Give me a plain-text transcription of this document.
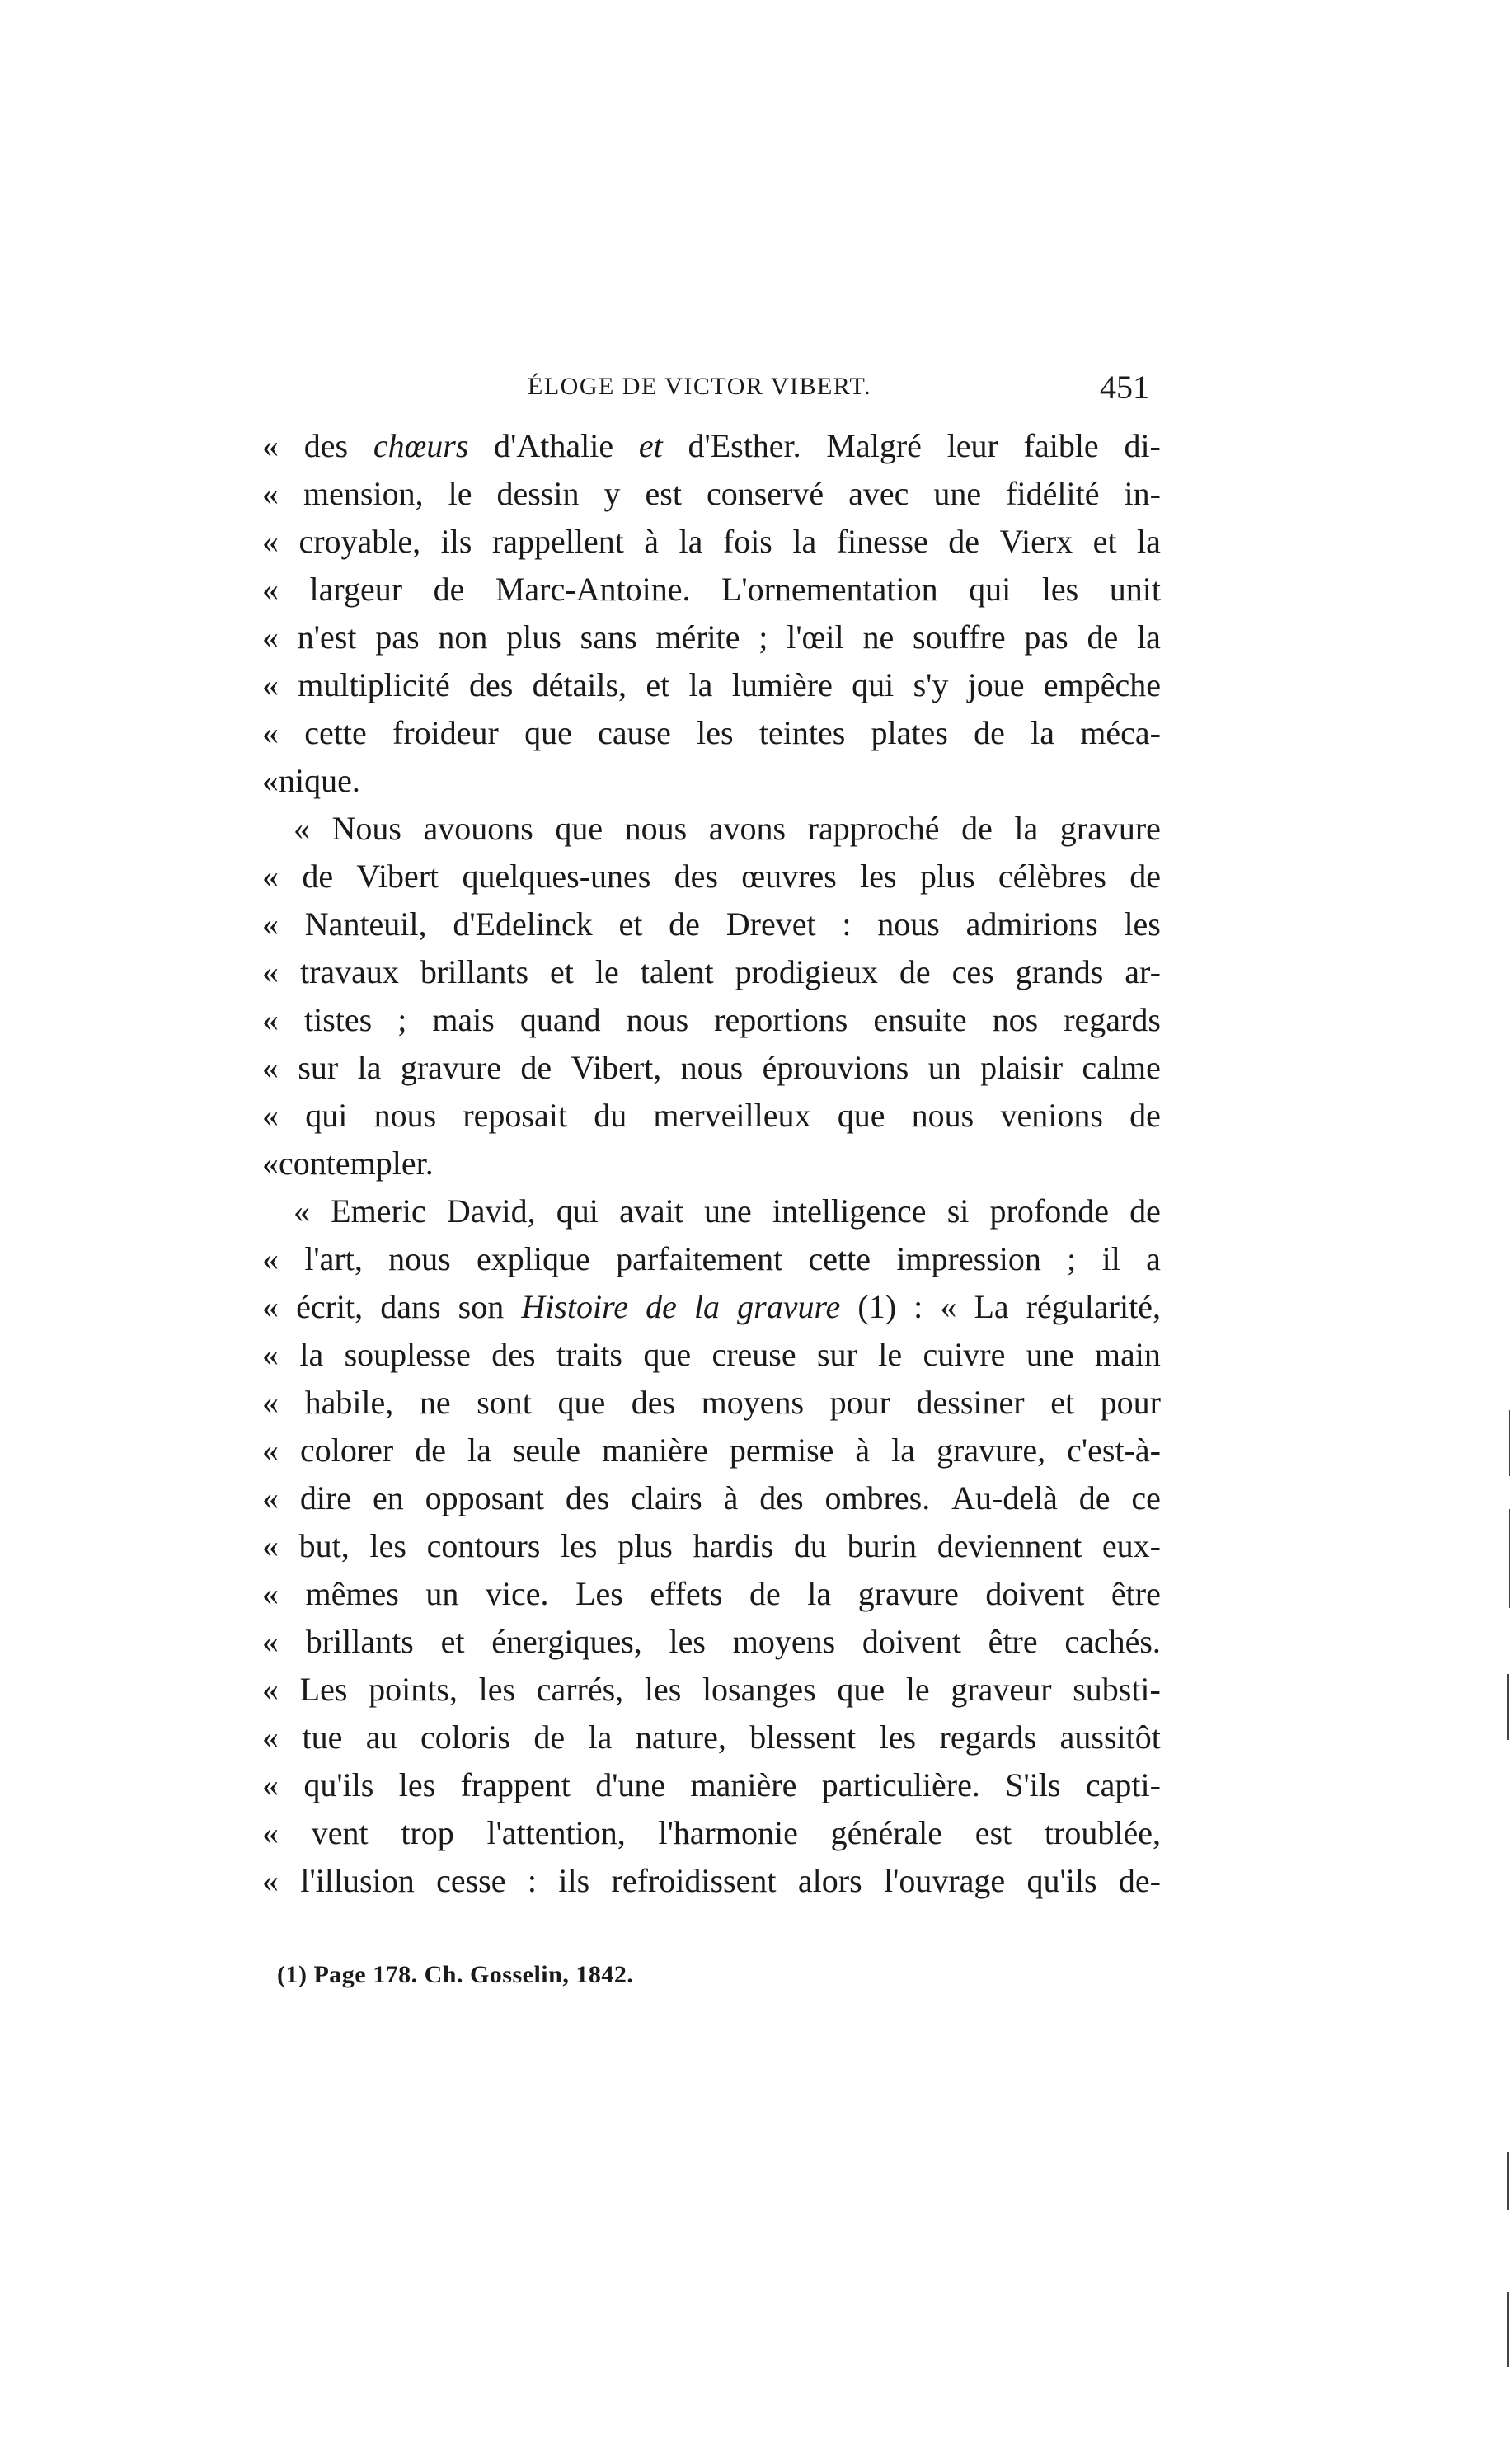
ÉLOGE DE VICTOR VIBERT.	451
« des chœurs d'Athalie et d'Esther. Malgré leur faible di-
« mension, le dessin y est conservé avec une fidélité in-
« croyable, ils rappellent à la fois la finesse de Vierx et la
« largeur de Marc-Antoine. L'ornementation qui les unit
« n'est pas non plus sans mérite ; l'œil ne souffre pas de la
« multiplicité des détails, et la lumière qui s'y joue empêche
« cette froideur que cause les teintes plates de la méca-
« nique.
« Nous avouons que nous avons rapproché de la gravure
« de Vibert quelques-unes des œuvres les plus célèbres de
« Nanteuil, d'Edelinck et de Drevet : nous admirions les
« travaux brillants et le talent prodigieux de ces grands ar-
« tistes ; mais quand nous reportions ensuite nos regards
« sur la gravure de Vibert, nous éprouvions un plaisir calme
« qui nous reposait du merveilleux que nous venions de
« contempler.
« Emeric David, qui avait une intelligence si profonde de
« l'art, nous explique parfaitement cette impression ; il a
« écrit, dans son Histoire de la gravure (1) : « La régularité,
« la souplesse des traits que creuse sur le cuivre une main
« habile, ne sont que des moyens pour dessiner et pour
« colorer de la seule manière permise à la gravure, c'est-à-
« dire en opposant des clairs à des ombres. Au-delà de ce
« but, les contours les plus hardis du burin deviennent eux-
« mêmes un vice. Les effets de la gravure doivent être
« brillants et énergiques, les moyens doivent être cachés.
« Les points, les carrés, les losanges que le graveur substi-
« tue au coloris de la nature, blessent les regards aussitôt
« qu'ils les frappent d'une manière particulière. S'ils capti-
« vent trop l'attention, l'harmonie générale est troublée,
« l'illusion cesse : ils refroidissent alors l'ouvrage qu'ils de-
(1) Page 178. Ch. Gosselin, 1842.
